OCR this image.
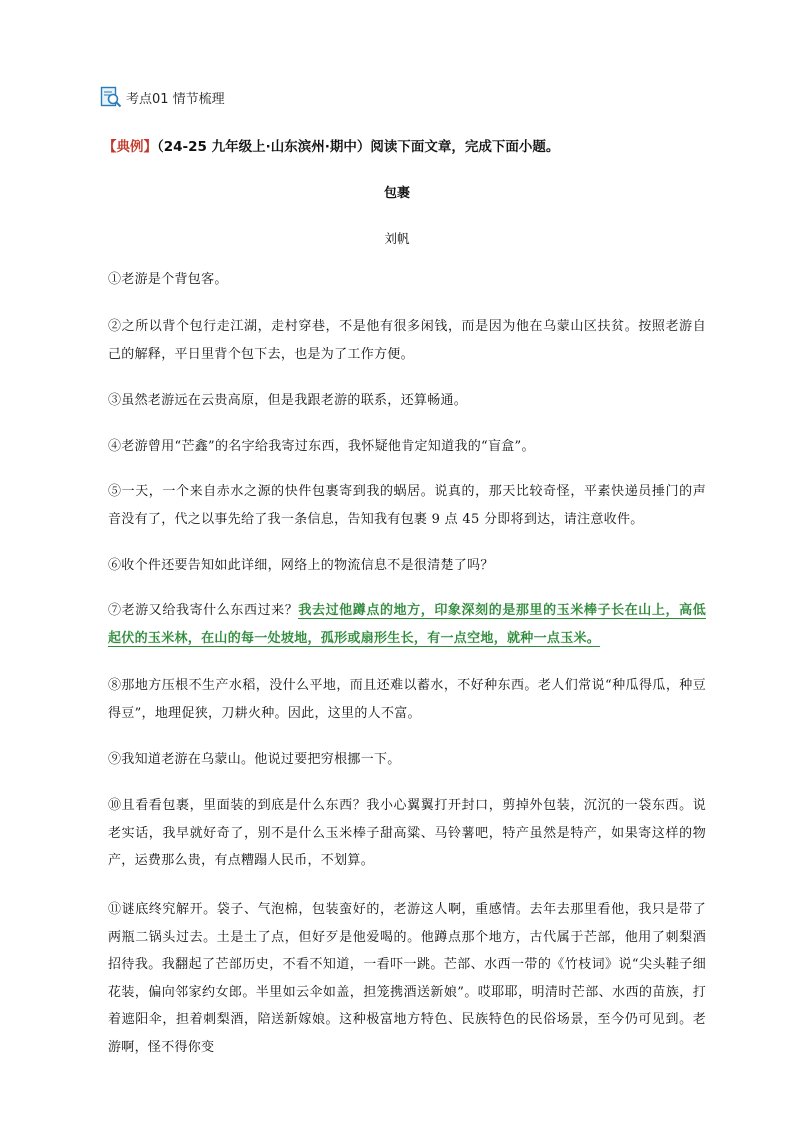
考点01 情节梳理
【典例】（24-25 九年级上·山东滨州·期中）阅读下面文章，完成下面小题。
包裹
刘帆
①老游是个背包客。
②之所以背个包行走江湖，走村穿巷，不是他有很多闲钱，而是因为他在乌蒙山区扶贫。按照老游自己的解释，平日里背个包下去，也是为了工作方便。
③虽然老游远在云贵高原，但是我跟老游的联系，还算畅通。
④老游曾用“芒鑫”的名字给我寄过东西，我怀疑他肯定知道我的“盲盒”。
⑤一天，一个来自赤水之源的快件包裹寄到我的蜗居。说真的，那天比较奇怪，平素快递员捶门的声音没有了，代之以事先给了我一条信息，告知我有包裹 9 点 45 分即将到达，请注意收件。
⑥收个件还要告知如此详细，网络上的物流信息不是很清楚了吗？
⑦老游又给我寄什么东西过来？我去过他蹲点的地方，印象深刻的是那里的玉米棒子长在山上，高低起伏的玉米林，在山的每一处坡地，孤形或扇形生长，有一点空地，就种一点玉米。
⑧那地方压根不生产水稻，没什么平地，而且还难以蓄水，不好种东西。老人们常说“种瓜得瓜，种豆得豆”，地理促狭，刀耕火种。因此，这里的人不富。
⑨我知道老游在乌蒙山。他说过要把穷根挪一下。
⑩且看看包裹，里面装的到底是什么东西？我小心翼翼打开封口，剪掉外包装，沉沉的一袋东西。说老实话，我早就好奇了，别不是什么玉米棒子甜高粱、马铃薯吧，特产虽然是特产，如果寄这样的物产，运费那么贵，有点糟蹋人民币，不划算。
⑪谜底终究解开。袋子、气泡棉，包装蛮好的，老游这人啊，重感情。去年去那里看他，我只是带了两瓶二锅头过去。土是土了点，但好歹是他爱喝的。他蹲点那个地方，古代属于芒部，他用了刺梨酒招待我。我翻起了芒部历史，不看不知道，一看吓一跳。芒部、水西一带的《竹枝词》说“尖头鞋子细花装，偏向邻家约女郎。半里如云伞如盖，担笼携酒送新娘”。哎耶耶，明清时芒部、水西的苗族，打着遮阳伞，担着刺梨酒，陪送新嫁娘。这种极富地方特色、民族特色的民俗场景，至今仍可见到。老游啊，怪不得你变
